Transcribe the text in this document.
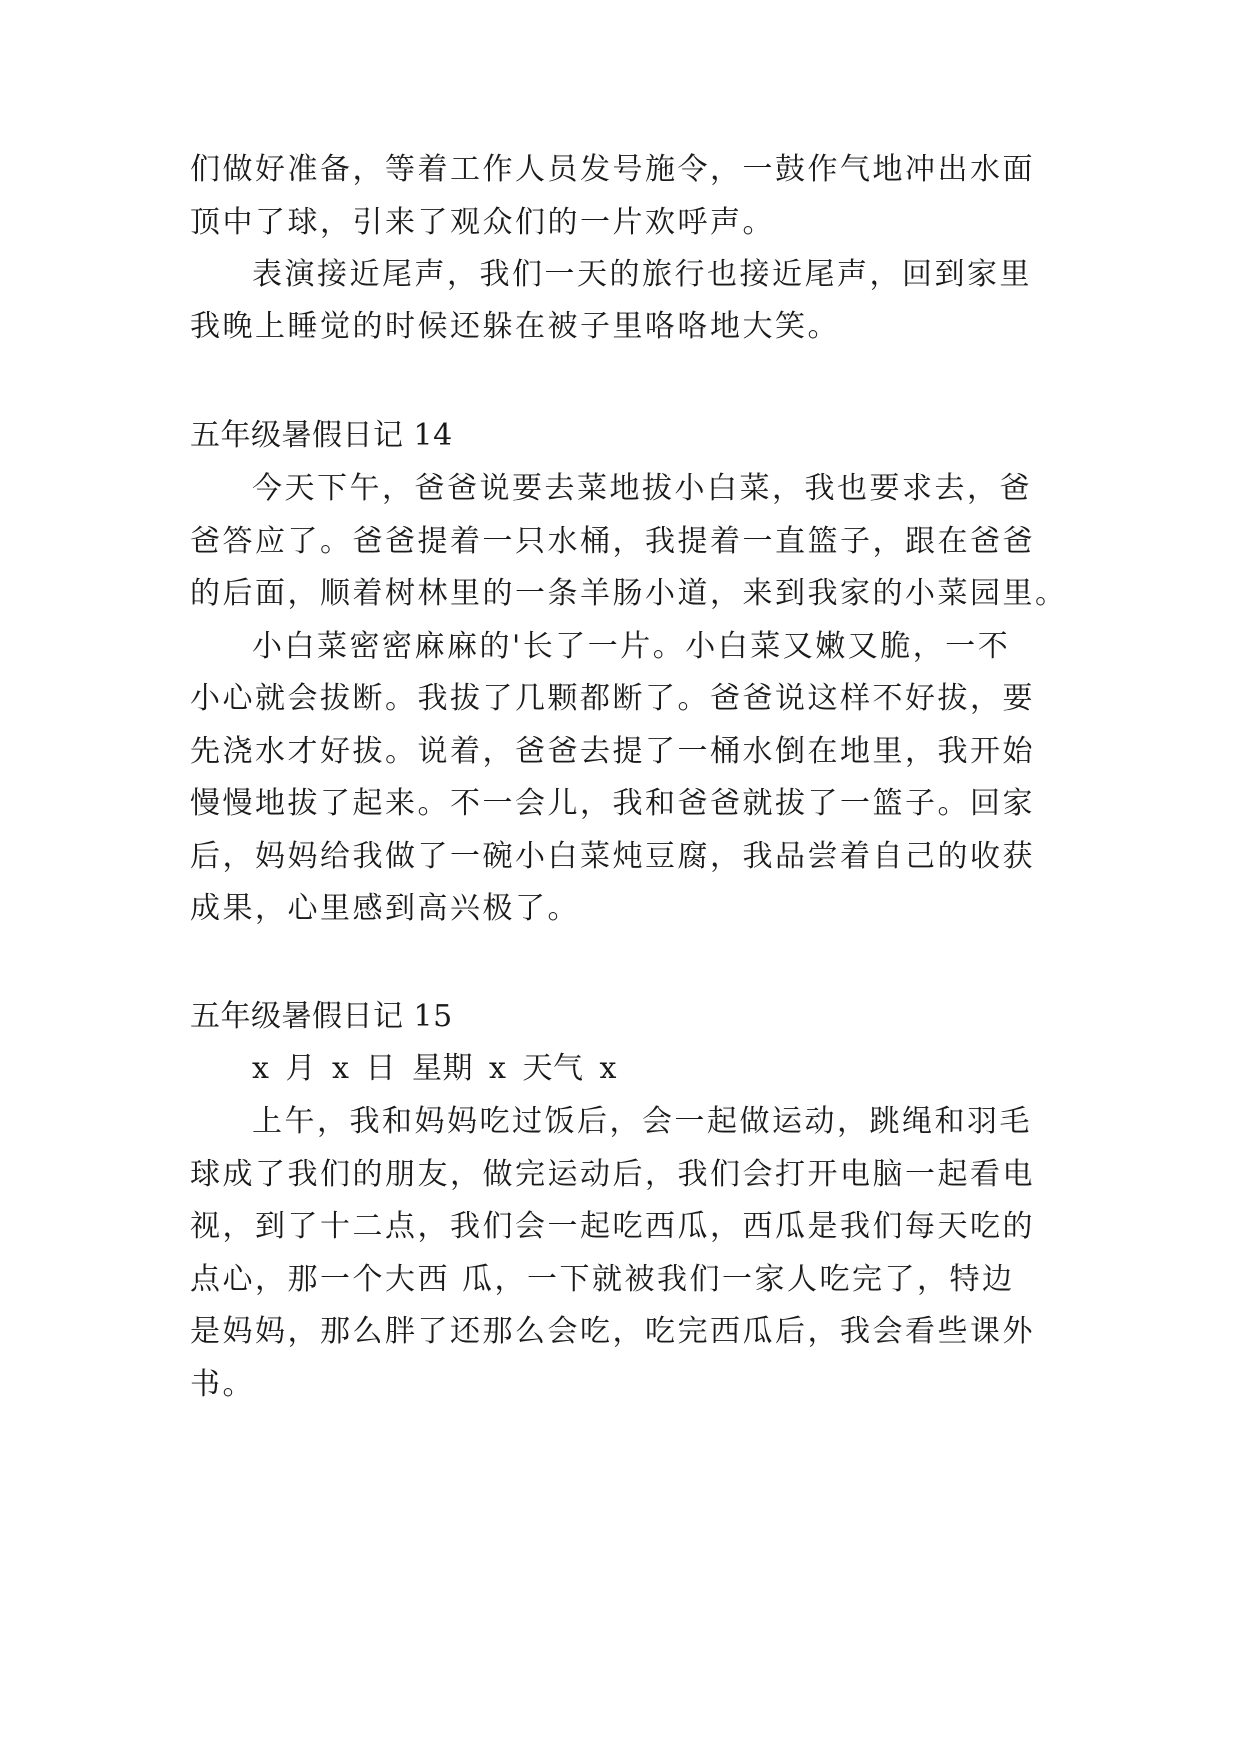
们做好准备，等着工作人员发号施令，一鼓作气地冲出水面
顶中了球，引来了观众们的一片欢呼声。
表演接近尾声，我们一天的旅行也接近尾声，回到家里
我晚上睡觉的时候还躲在被子里咯咯地大笑。
五年级暑假日记 14
今天下午，爸爸说要去菜地拔小白菜，我也要求去，爸
爸答应了。爸爸提着一只水桶，我提着一直篮子，跟在爸爸
的后面，顺着树林里的一条羊肠小道，来到我家的小菜园里。
小白菜密密麻麻的'长了一片。小白菜又嫩又脆，一不
小心就会拔断。我拔了几颗都断了。爸爸说这样不好拔，要
先浇水才好拔。说着，爸爸去提了一桶水倒在地里，我开始
慢慢地拔了起来。不一会儿，我和爸爸就拔了一篮子。回家
后，妈妈给我做了一碗小白菜炖豆腐，我品尝着自己的收获
成果，心里感到高兴极了。
五年级暑假日记 15
x 月 x 日 星期 x 天气 x
上午，我和妈妈吃过饭后，会一起做运动，跳绳和羽毛
球成了我们的朋友，做完运动后，我们会打开电脑一起看电
视，到了十二点，我们会一起吃西瓜，西瓜是我们每天吃的
点心，那一个大西 瓜，一下就被我们一家人吃完了，特边
是妈妈，那么胖了还那么会吃，吃完西瓜后，我会看些课外
书。
